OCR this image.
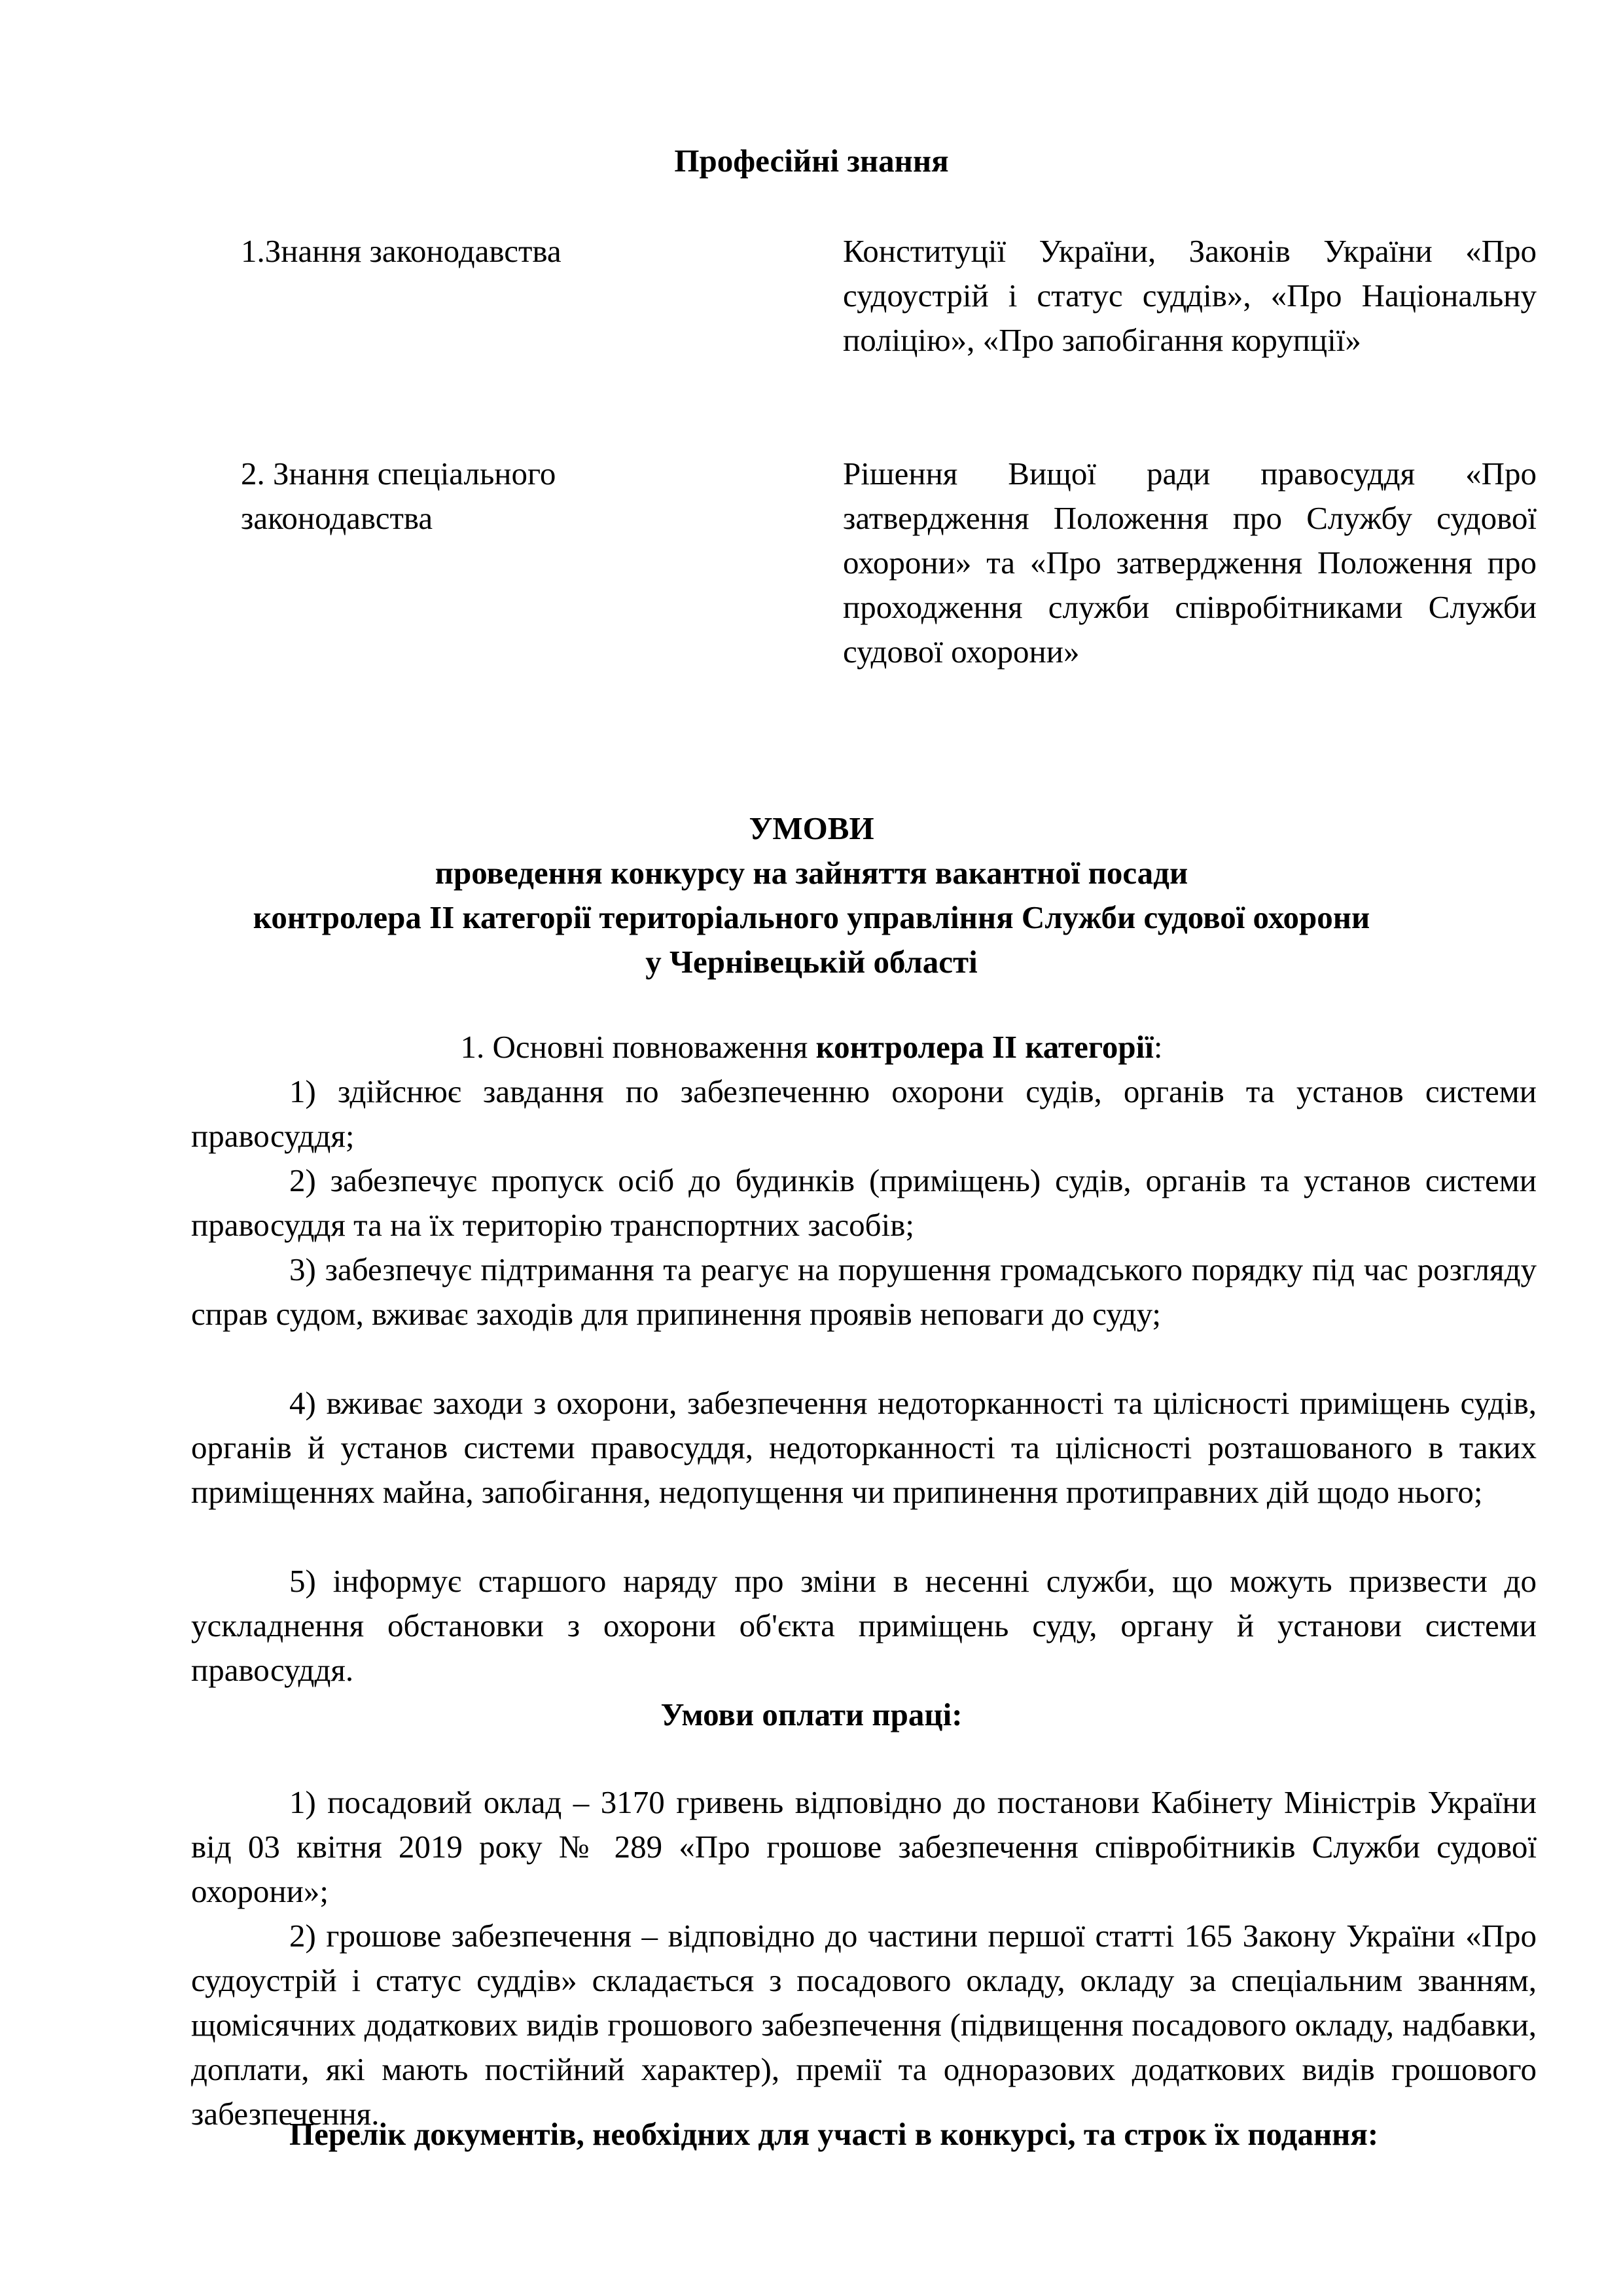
Професійні знання
1.Знання законодавства	Конституції України, Законів України «Про судоустрій і статус суддів», «Про Національну поліцію», «Про запобігання корупції»
2. Знання спеціального законодавства
Рішення Вищої ради правосуддя «Про затвердження Положення про Службу судової охорони» та «Про затвердження Положення про проходження служби співробітниками Служби судової охорони»
УМОВИ
проведення конкурсу на зайняття вакантної посади
контролера ІІ категорії територіального управління Служби судової охорони
у Чернівецькій області
1. Основні повноваження контролера ІІ категорії:
1) здійснює завдання по забезпеченню охорони судів, органів та установ системи правосуддя;
2) забезпечує пропуск осіб до будинків (приміщень) судів, органів та установ системи правосуддя та на їх територію транспортних засобів;
3) забезпечує підтримання та реагує на порушення громадського порядку під час розгляду справ судом, вживає заходів для припинення проявів неповаги до суду;
4) вживає заходи з охорони, забезпечення недоторканності та цілісності приміщень судів, органів й установ системи правосуддя, недоторканності та цілісності розташованого в таких приміщеннях майна, запобігання, недопущення чи припинення протиправних дій щодо нього;
5) інформує старшого наряду про зміни в несенні служби, що можуть призвести до ускладнення обстановки з охорони об'єкта приміщень суду, органу й установи системи правосуддя.
Умови оплати праці:
1) посадовий оклад – 3170 гривень відповідно до постанови Кабінету Міністрів України від 03 квітня 2019 року № 289 «Про грошове забезпечення співробітників Служби судової охорони»;
2) грошове забезпечення – відповідно до частини першої статті 165 Закону України «Про судоустрій і статус суддів» складається з посадового окладу, окладу за спеціальним званням, щомісячних додаткових видів грошового забезпечення (підвищення посадового окладу, надбавки, доплати, які мають постійний характер), премії та одноразових додаткових видів грошового забезпечення.
Перелік документів, необхідних для участі в конкурсі, та строк їх подання:
